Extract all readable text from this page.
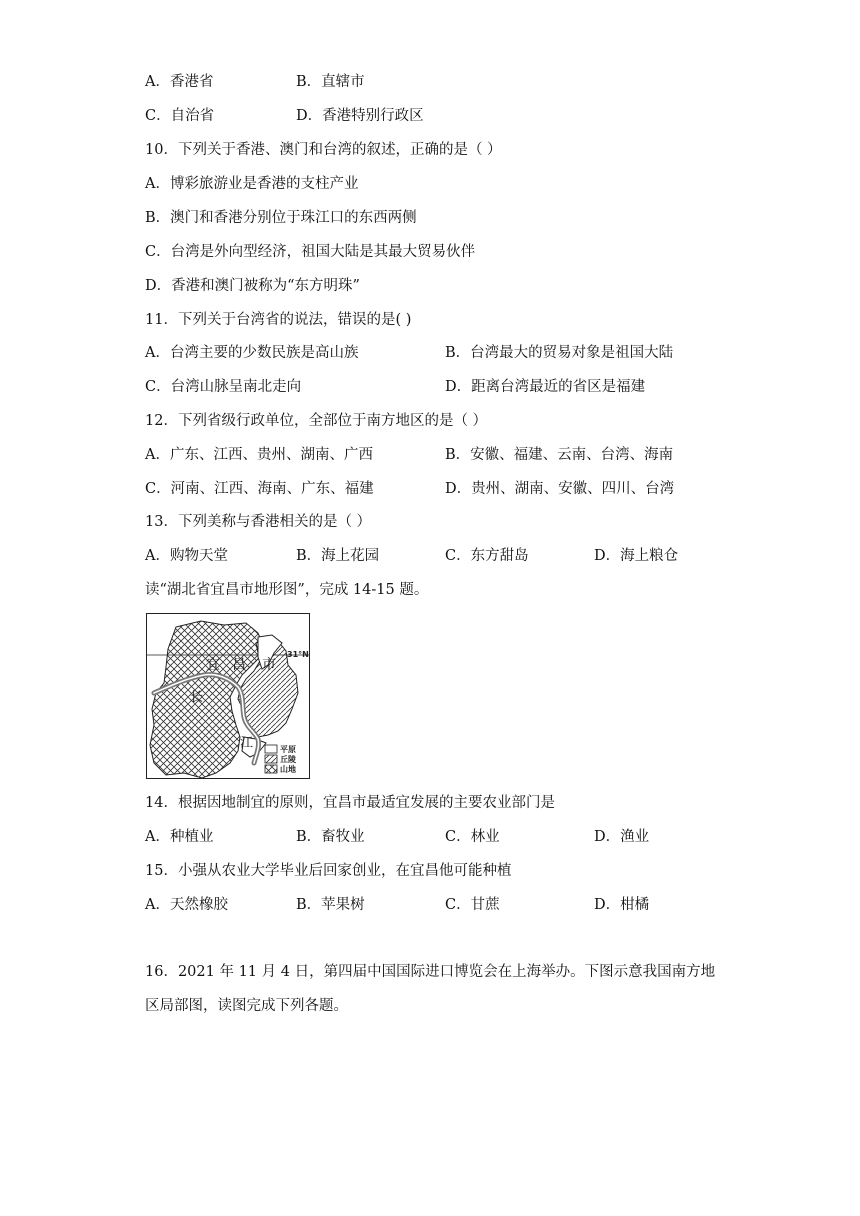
A．香港省	B．直辖市
C．自治省	D．香港特别行政区
10．下列关于香港、澳门和台湾的叙述，正确的是（ ）
A．博彩旅游业是香港的支柱产业
B．澳门和香港分别位于珠江口的东西两侧
C．台湾是外向型经济，祖国大陆是其最大贸易伙伴
D．香港和澳门被称为“东方明珠”
11．下列关于台湾省的说法，错误的是( )
A．台湾主要的少数民族是高山族	B．台湾最大的贸易对象是祖国大陆
C．台湾山脉呈南北走向	D．距离台湾最近的省区是福建
12．下列省级行政单位，全部位于南方地区的是（ ）
A．广东、江西、贵州、湖南、广西	B．安徽、福建、云南、台湾、海南
C．河南、江西、海南、广东、福建	D．贵州、湖南、安徽、四川、台湾
13．下列美称与香港相关的是（ ）
A．购物天堂	B．海上花园	C．东方甜岛	D．海上粮仓
读“湖北省宜昌市地形图”，完成 14-15 题。
31°N
宜 昌 市
长
江	平原
丘陵
山地
14．根据因地制宜的原则，宜昌市最适宜发展的主要农业部门是
A．种植业	B．畜牧业	C．林业	D．渔业
15．小强从农业大学毕业后回家创业，在宜昌他可能种植
A．天然橡胶	B．苹果树	C．甘蔗	D．柑橘
16．2021 年 11 月 4 日，第四届中国国际进口博览会在上海举办。下图示意我国南方地
区局部图，读图完成下列各题。
